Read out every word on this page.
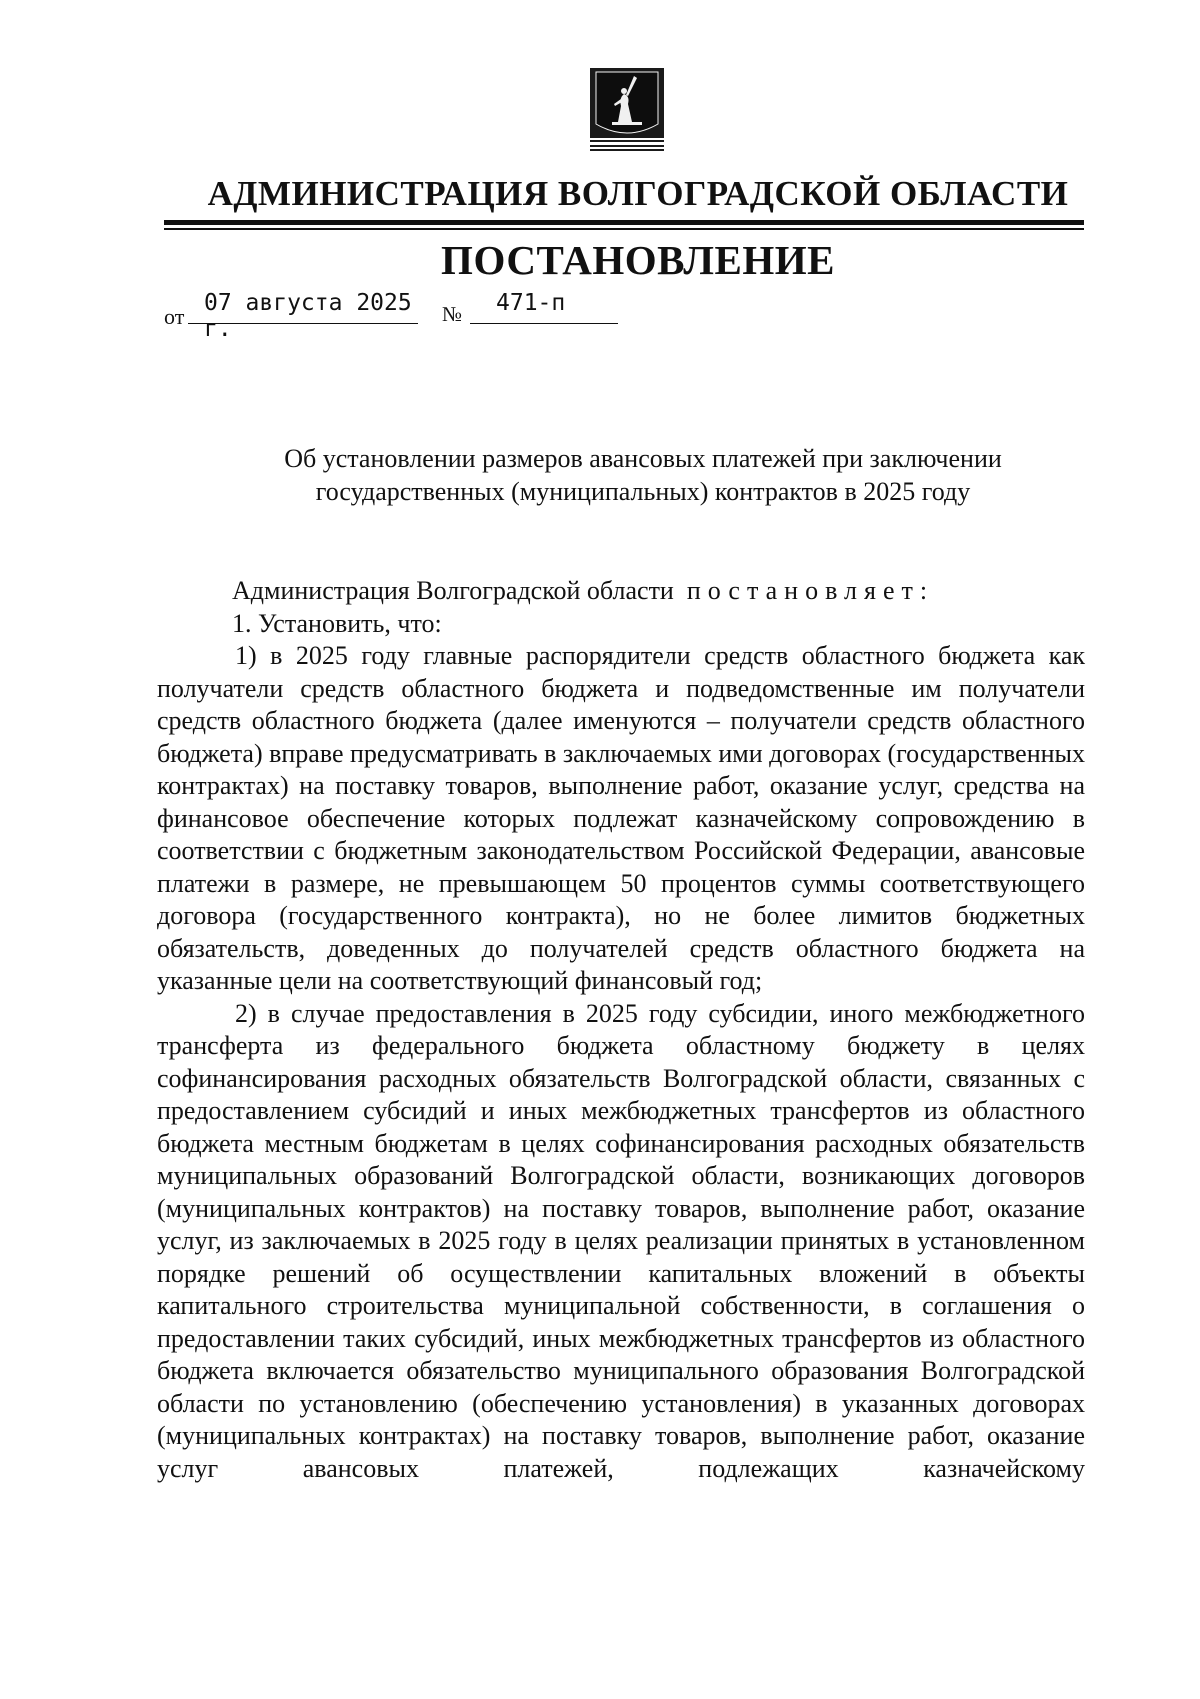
АДМИНИСТРАЦИЯ ВОЛГОГРАДСКОЙ ОБЛАСТИ
ПОСТАНОВЛЕНИЕ
от
07 августа 2025 г.
№	471-п
Об установлении размеров авансовых платежей при заключении
государственных (муниципальных) контрактов в 2025 году

Администрация Волгоградской области постановляет:

1. Установить, что:

1) в 2025 году главные распорядители средств областного бюджета как получатели средств областного бюджета и подведомственные им получатели средств областного бюджета (далее именуются – получатели средств областного бюджета) вправе предусматривать в заключаемых ими договорах (государственных контрактах) на поставку товаров, выполнение работ, оказание услуг, средства на финансовое обеспечение которых подлежат казначейскому сопровождению в соответствии с бюджетным законодательством Российской Федерации, авансовые платежи в размере, не превышающем 50 процентов суммы соответствующего договора (государственного контракта), но не более лимитов бюджетных обязательств, доведенных до получателей средств областного бюджета на указанные цели на соответствующий финансовый год;

2) в случае предоставления в 2025 году субсидии, иного межбюджетного трансферта из федерального бюджета областному бюджету в целях софинансирования расходных обязательств Волгоградской области, связанных с предоставлением субсидий и иных межбюджетных трансфертов из областного бюджета местным бюджетам в целях софинансирования расходных обязательств муниципальных образований Волгоградской области, возникающих договоров (муниципальных контрактов) на поставку товаров, выполнение работ, оказание услуг, из заключаемых в 2025 году в целях реализации принятых в установленном порядке решений об осуществлении капитальных вложений в объекты капитального строительства муниципальной собственности, в соглашения о предоставлении таких субсидий, иных межбюджетных трансфертов из областного бюджета включается обязательство муниципального образования Волгоградской области по установлению (обеспечению установления) в указанных договорах (муниципальных контрактах) на поставку товаров, выполнение работ, оказание услуг авансовых платежей, подлежащих казначейскому
